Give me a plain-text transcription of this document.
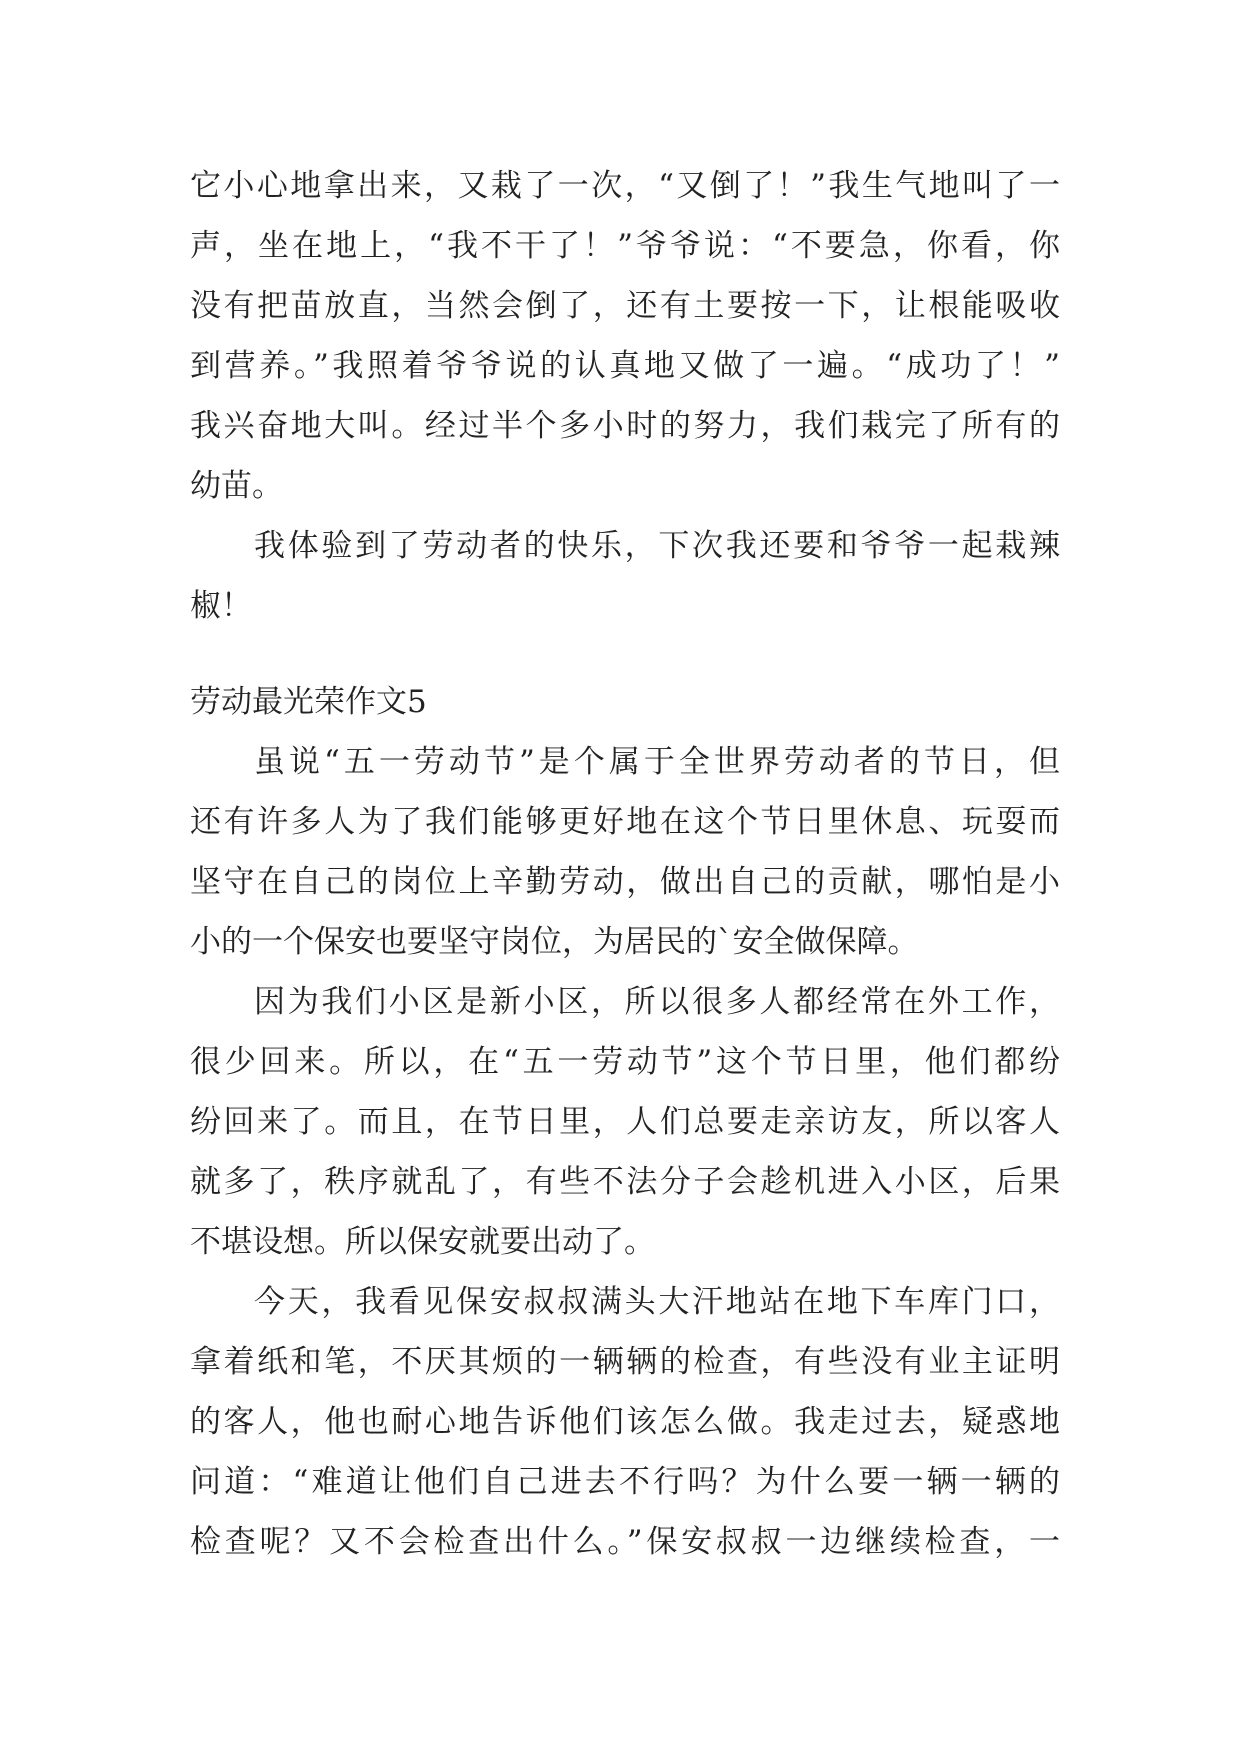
它小心地拿出来，又栽了一次，“又倒了！”我生气地叫了一
声，坐在地上，“我不干了！”爷爷说：“不要急，你看，你
没有把苗放直，当然会倒了，还有土要按一下，让根能吸收
到营养。”我照着爷爷说的认真地又做了一遍。“成功了！”
我兴奋地大叫。经过半个多小时的努力，我们栽完了所有的
幼苗。
我体验到了劳动者的快乐，下次我还要和爷爷一起栽辣
椒！
劳动最光荣作文5
虽说“五一劳动节”是个属于全世界劳动者的节日，但
还有许多人为了我们能够更好地在这个节日里休息、玩耍而
坚守在自己的岗位上辛勤劳动，做出自己的贡献，哪怕是小
小的一个保安也要坚守岗位，为居民的`安全做保障。
因为我们小区是新小区，所以很多人都经常在外工作，
很少回来。所以，在“五一劳动节”这个节日里，他们都纷
纷回来了。而且，在节日里，人们总要走亲访友，所以客人
就多了，秩序就乱了，有些不法分子会趁机进入小区，后果
不堪设想。所以保安就要出动了。
今天，我看见保安叔叔满头大汗地站在地下车库门口，
拿着纸和笔，不厌其烦的一辆辆的检查，有些没有业主证明
的客人，他也耐心地告诉他们该怎么做。我走过去，疑惑地
问道：“难道让他们自己进去不行吗？为什么要一辆一辆的
检查呢？又不会检查出什么。”保安叔叔一边继续检查，一
